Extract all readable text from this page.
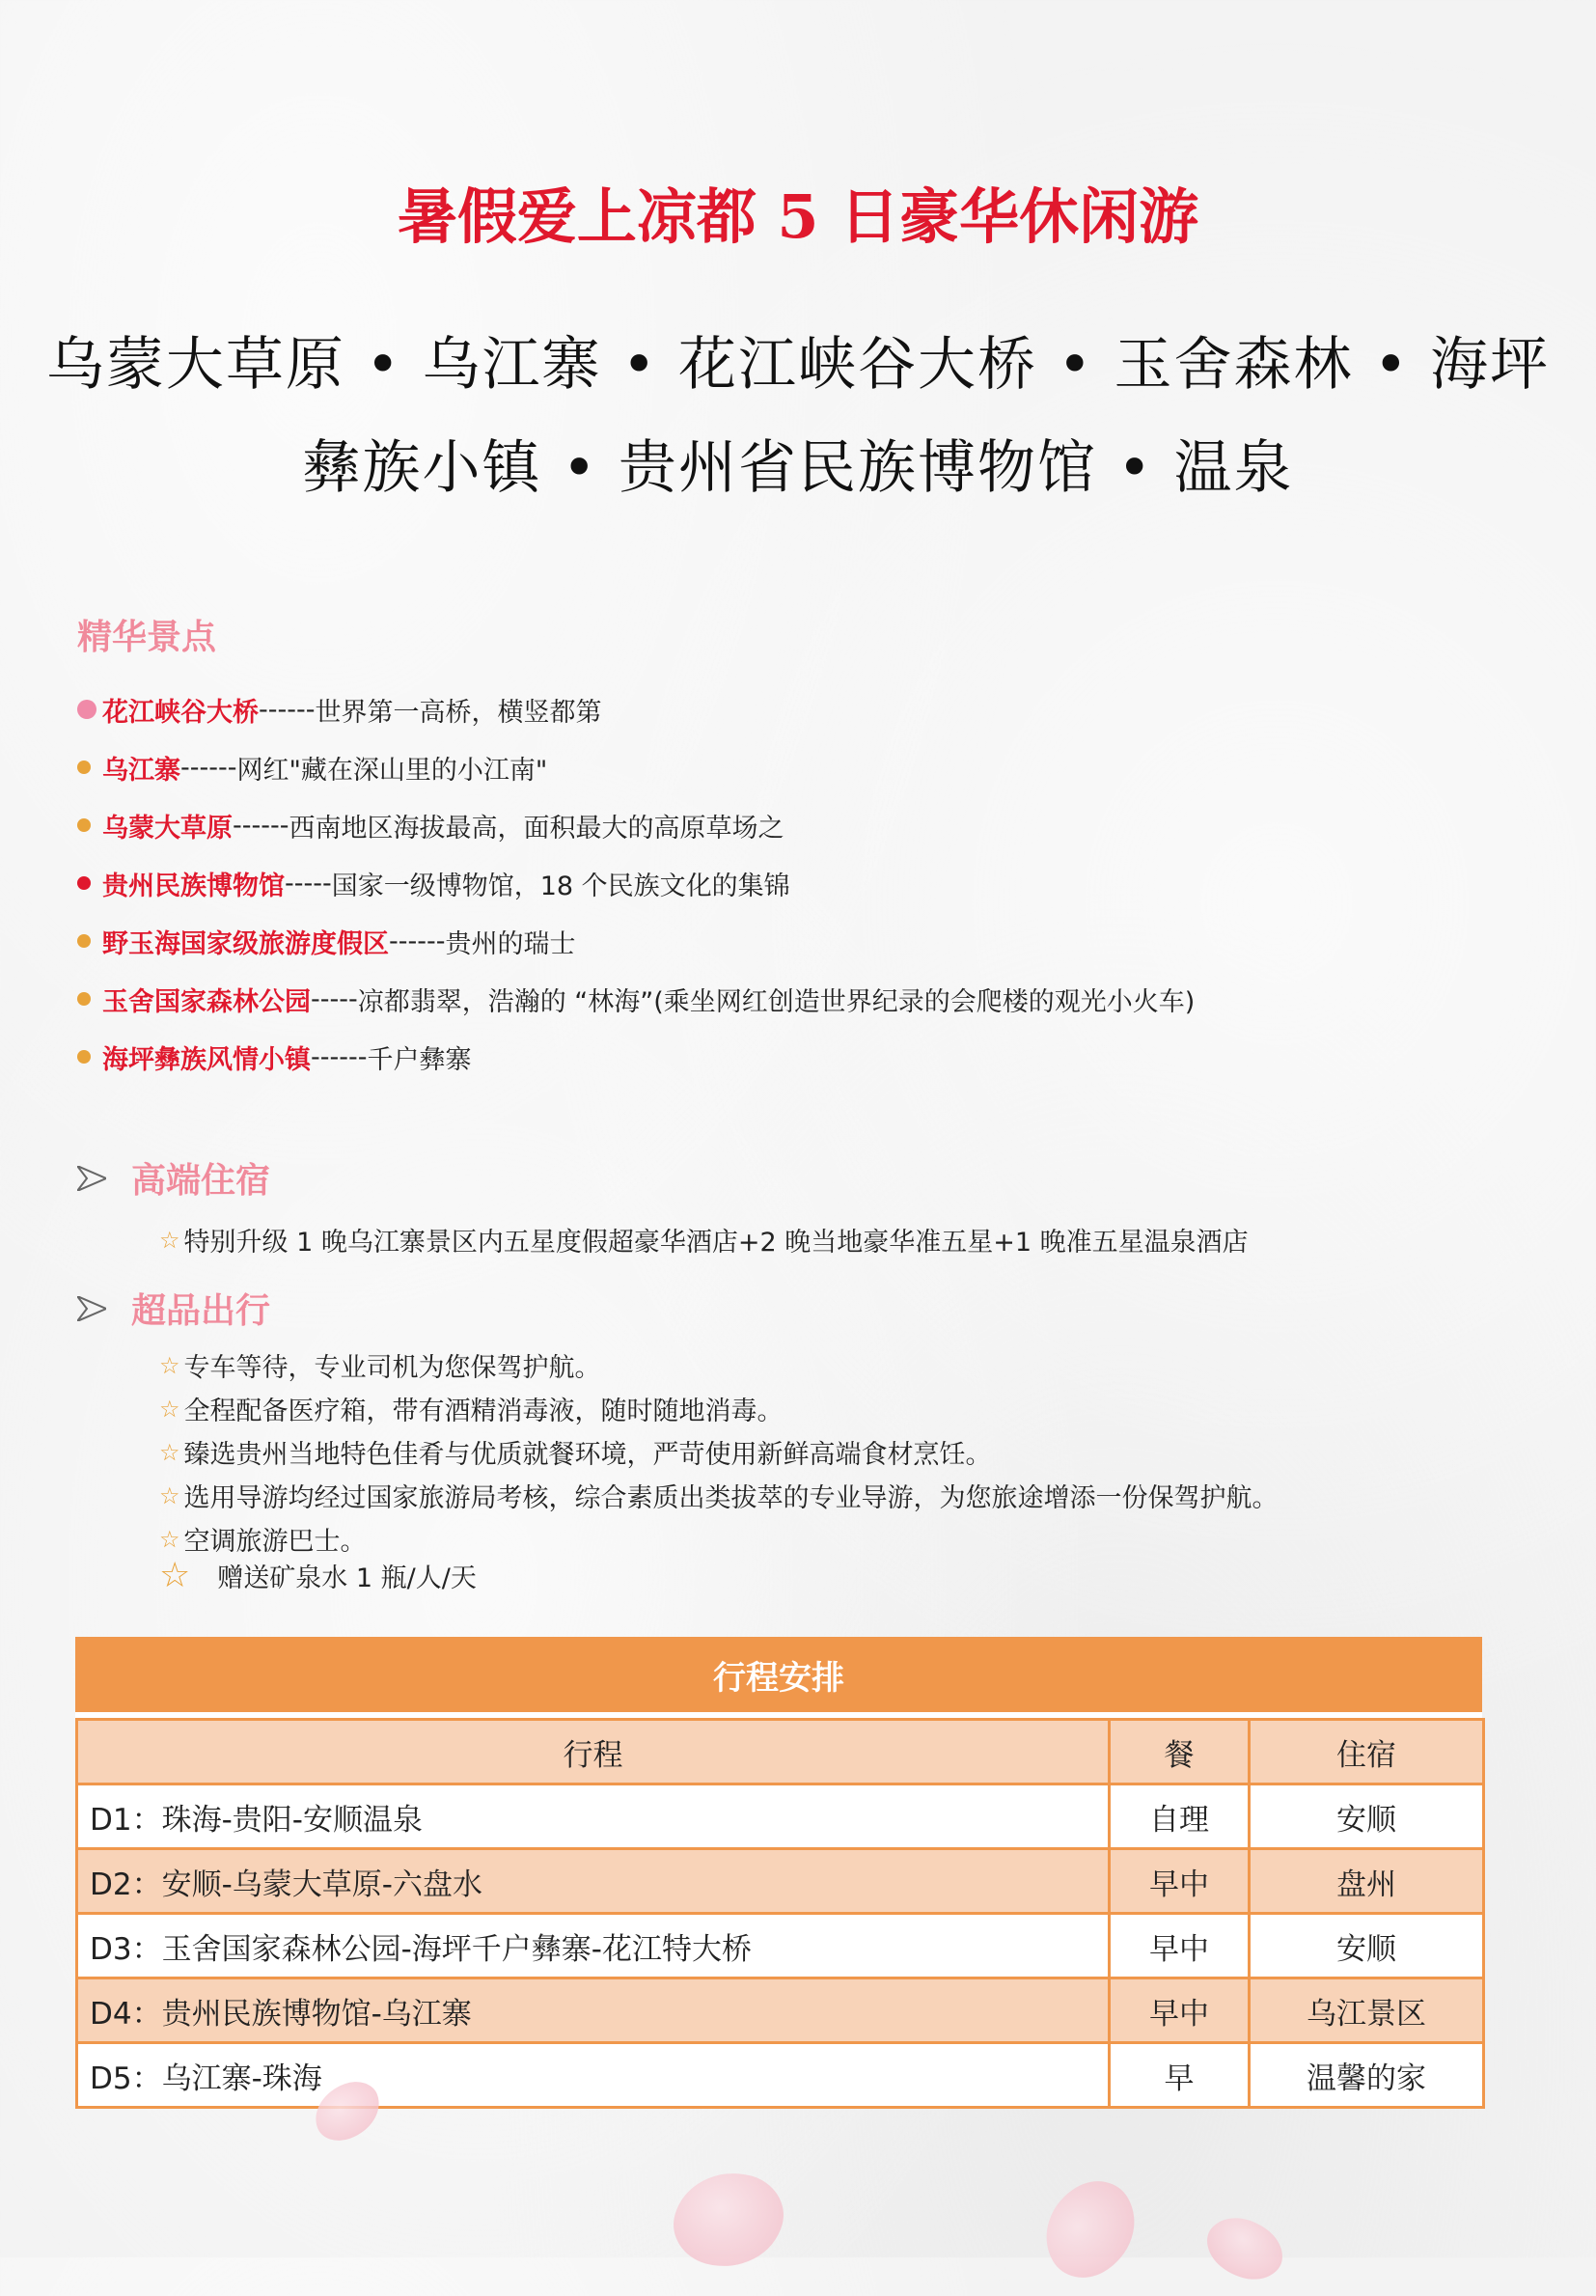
暑假爱上凉都 5 日豪华休闲游
乌蒙大草原 • 乌江寨 • 花江峡谷大桥 • 玉舍森林 • 海坪
彝族小镇 • 贵州省民族博物馆 • 温泉
精华景点
花江峡谷大桥 ------ 世界第一高桥，横竖都第
乌江寨 ------ 网红"藏在深山里的小江南"
乌蒙大草原 ------ 西南地区海拔最高，面积最大的高原草场之
贵州民族博物馆 ----- 国家一级博物馆，18 个民族文化的集锦
野玉海国家级旅游度假区 ------ 贵州的瑞士
玉舍国家森林公园 ----- 凉都翡翠，浩瀚的 “林海”(乘坐网红创造世界纪录的会爬楼的观光小火车)
海坪彝族风情小镇 ------ 千户彝寨
高端住宿
☆ 特别升级 1 晚乌江寨景区内五星度假超豪华酒店+2 晚当地豪华准五星+1 晚准五星温泉酒店
超品出行
☆ 专车等待，专业司机为您保驾护航。
☆ 全程配备医疗箱，带有酒精消毒液，随时随地消毒。
☆ 臻选贵州当地特色佳肴与优质就餐环境，严苛使用新鲜高端食材烹饪。
☆ 选用导游均经过国家旅游局考核，综合素质出类拔萃的专业导游，为您旅途增添一份保驾护航。
☆ 空调旅游巴士。
☆ 赠送矿泉水 1 瓶/人/天
行程安排
行程	餐	住宿
D1：珠海-贵阳-安顺温泉	自理	安顺
D2：安顺-乌蒙大草原-六盘水	早中	盘州
D3：玉舍国家森林公园-海坪千户彝寨-花江特大桥	早中	安顺
D4：贵州民族博物馆-乌江寨	早中	乌江景区
D5：乌江寨-珠海	早	温馨的家
